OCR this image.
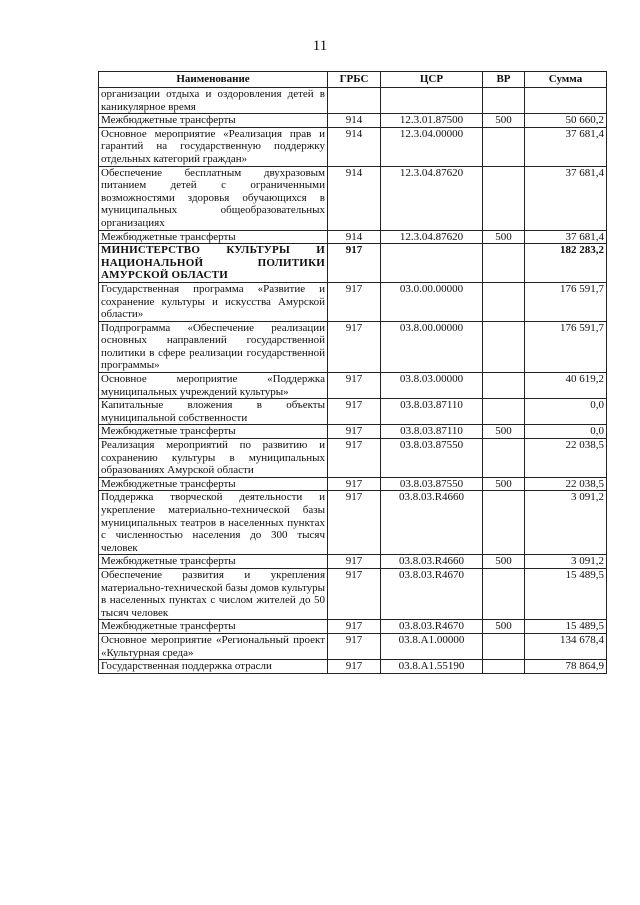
11
Наименование	ГРБС	ЦСР	ВР	Сумма
организации отдыха и оздоровления детей в каникулярное время				
Межбюджетные трансферты	914	12.3.01.87500	500	50 660,2
Основное мероприятие «Реализация прав и гарантий на государственную поддержку отдельных категорий граждан»	914	12.3.04.00000		37 681,4
Обеспечение бесплатным двухразовым питанием детей с ограниченными возможностями здоровья обучающихся в муниципальных общеобразовательных организациях	914	12.3.04.87620		37 681,4
Межбюджетные трансферты	914	12.3.04.87620	500	37 681,4
МИНИСТЕРСТВО КУЛЬТУРЫ И НАЦИОНАЛЬНОЙ ПОЛИТИКИ АМУРСКОЙ ОБЛАСТИ	917			182 283,2
Государственная программа «Развитие и сохранение культуры и искусства Амурской области»	917	03.0.00.00000		176 591,7
Подпрограмма «Обеспечение реализации основных направлений государственной политики в сфере реализации государственной программы»	917	03.8.00.00000		176 591,7
Основное мероприятие «Поддержка муниципальных учреждений культуры»	917	03.8.03.00000		40 619,2
Капитальные вложения в объекты муниципальной собственности	917	03.8.03.87110		0,0
Межбюджетные трансферты	917	03.8.03.87110	500	0,0
Реализация мероприятий по развитию и сохранению культуры в муниципальных образованиях Амурской области	917	03.8.03.87550		22 038,5
Межбюджетные трансферты	917	03.8.03.87550	500	22 038,5
Поддержка творческой деятельности и укрепление материально-технической базы муниципальных театров в населенных пунктах с численностью населения до 300 тысяч человек	917	03.8.03.R4660		3 091,2
Межбюджетные трансферты	917	03.8.03.R4660	500	3 091,2
Обеспечение развития и укрепления материально-технической базы домов культуры в населенных пунктах с числом жителей до 50 тысяч человек	917	03.8.03.R4670		15 489,5
Межбюджетные трансферты	917	03.8.03.R4670	500	15 489,5
Основное мероприятие «Региональный проект «Культурная среда»	917	03.8.A1.00000		134 678,4
Государственная поддержка отрасли	917	03.8.A1.55190		78 864,9
